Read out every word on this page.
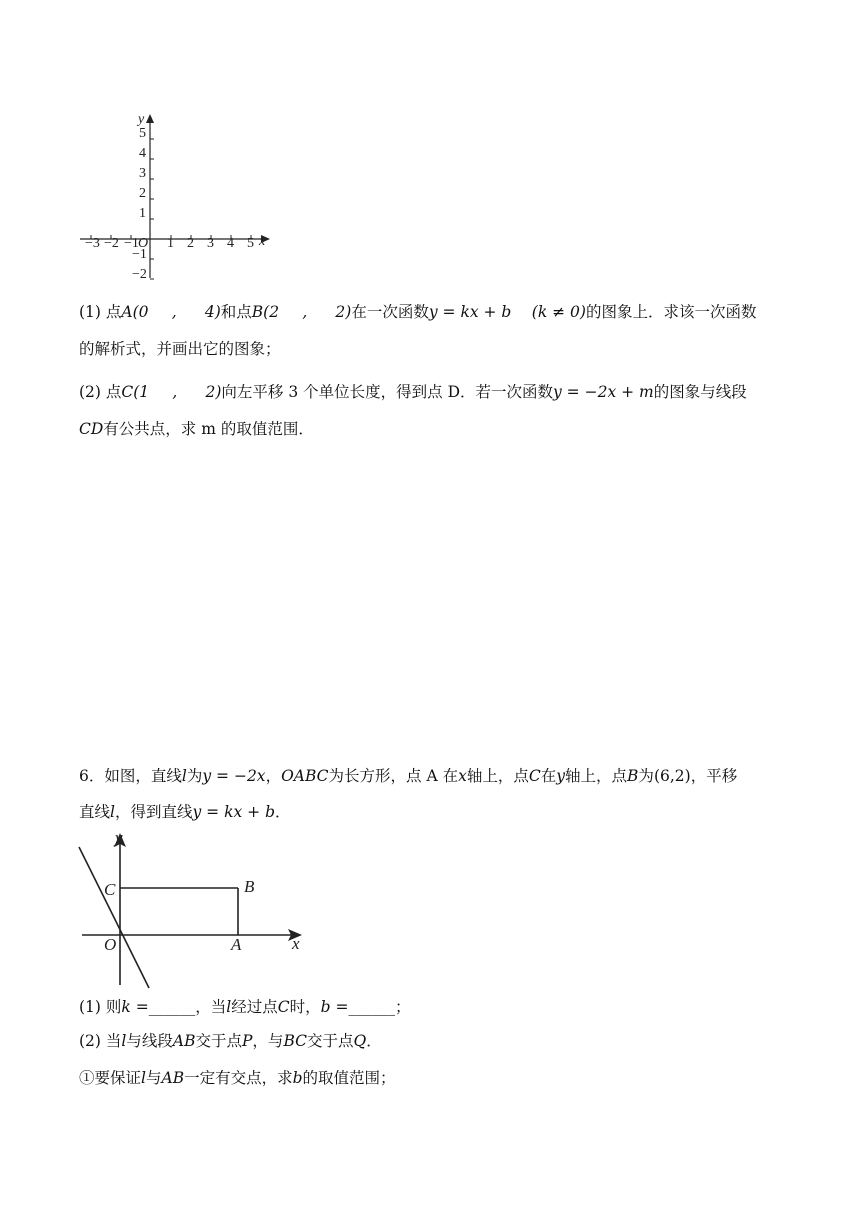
−3 −2 −1 1 2 3 4 5 x
O
y
5
4
3
2
1
−1
−2
(1) 点A(0  ,   4)和点B(2  ,   2)在一次函数y = kx + b  (k ≠ 0)的图象上．求该一次函数
的解析式，并画出它的图象；
(2) 点C(1  ,   2)向左平移 3 个单位长度，得到点 D．若一次函数y = −2x + m的图象与线段
CD有公共点，求 m 的取值范围．
6．如图，直线l为y = −2x，OABC为长方形，点 A 在x轴上，点C在y轴上，点B为(6,2)，平移
直线l，得到直线y = kx + b．
y
x
C	B
O	A
(1) 则k =______，当l经过点C时，b =______；
(2) 当l与线段AB交于点P，与BC交于点Q．
①要保证l与AB一定有交点，求b的取值范围；
